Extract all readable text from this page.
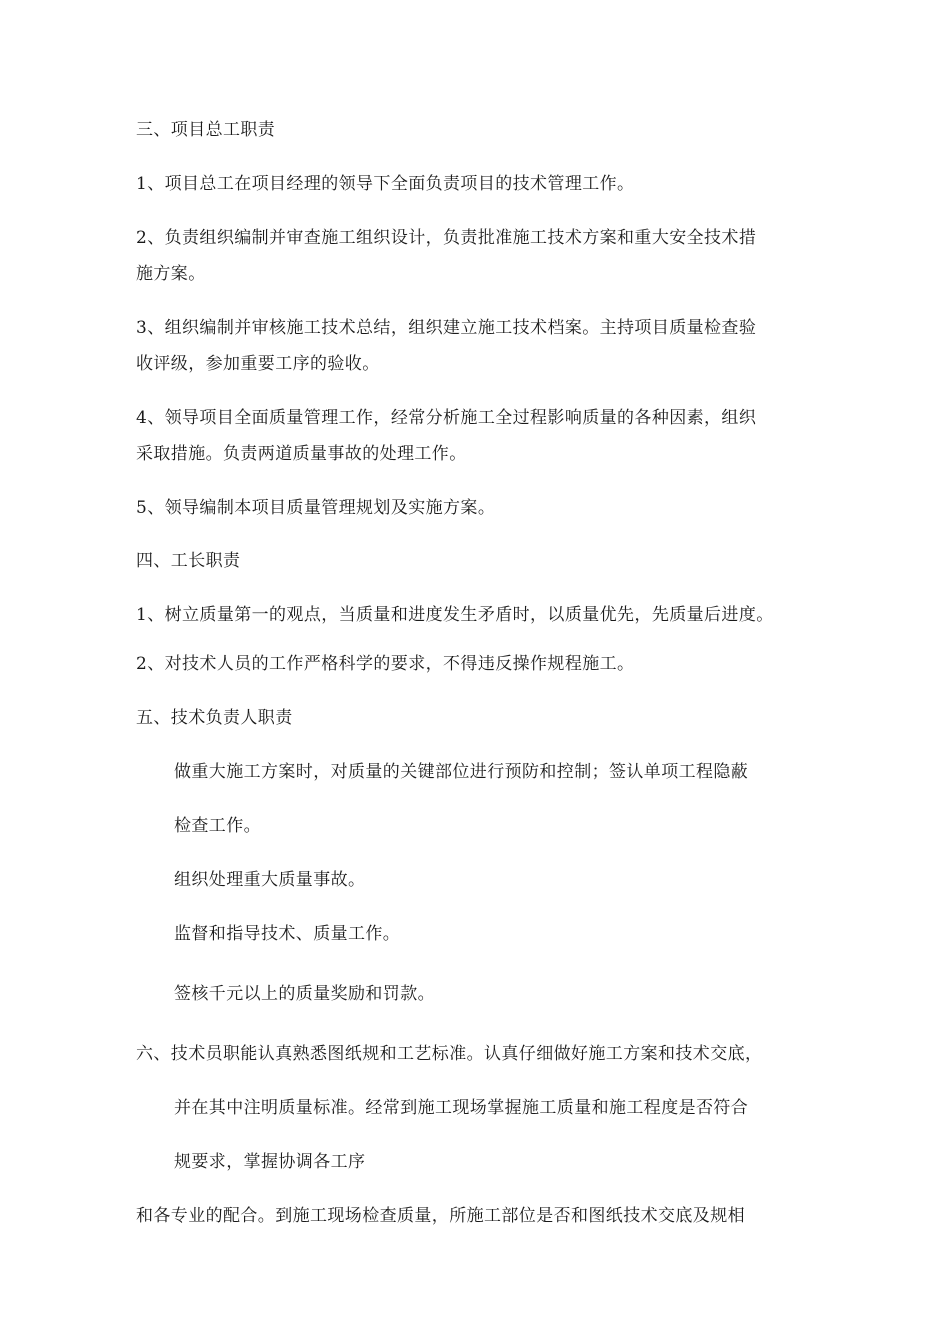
三、项目总工职责
1、项目总工在项目经理的领导下全面负责项目的技术管理工作。
2、负责组织编制并审查施工组织设计，负责批准施工技术方案和重大安全技术措
施方案。
3、组织编制并审核施工技术总结，组织建立施工技术档案。主持项目质量检查验
收评级，参加重要工序的验收。
4、领导项目全面质量管理工作，经常分析施工全过程影响质量的各种因素，组织
采取措施。负责两道质量事故的处理工作。
5、领导编制本项目质量管理规划及实施方案。
四、工长职责
1、树立质量第一的观点，当质量和进度发生矛盾时，以质量优先，先质量后进度。
2、对技术人员的工作严格科学的要求，不得违反操作规程施工。
五、技术负责人职责
做重大施工方案时，对质量的关键部位进行预防和控制；签认单项工程隐蔽
检查工作。
组织处理重大质量事故。
监督和指导技术、质量工作。
签核千元以上的质量奖励和罚款。
六、技术员职能认真熟悉图纸规和工艺标准。认真仔细做好施工方案和技术交底，
并在其中注明质量标准。经常到施工现场掌握施工质量和施工程度是否符合
规要求，掌握协调各工序
和各专业的配合。到施工现场检查质量，所施工部位是否和图纸技术交底及规相
